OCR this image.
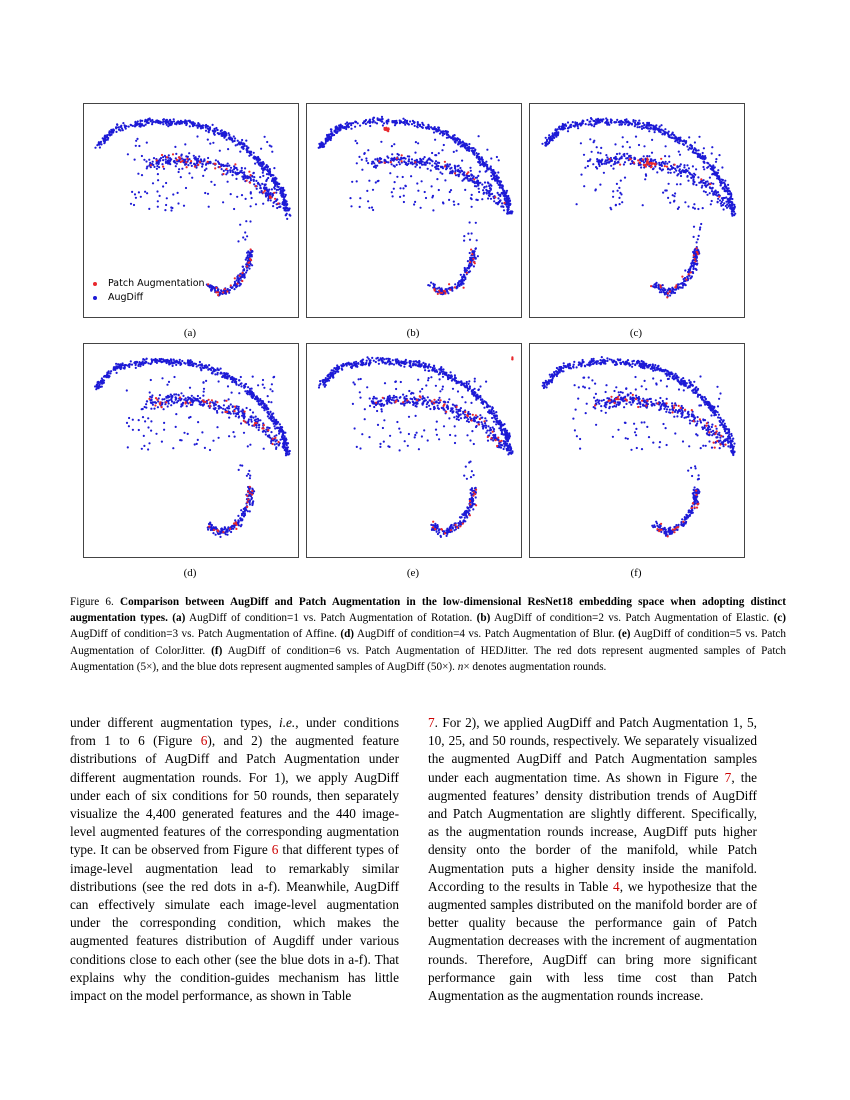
Patch Augmentation
AugDiff
(a)	(b)	(c)
(d)	(e)	(f)
Figure 6. Comparison between AugDiff and Patch Augmentation in the low-dimensional ResNet18 embedding space when adopting distinct augmentation types. (a) AugDiff of condition=1 vs. Patch Augmentation of Rotation. (b) AugDiff of condition=2 vs. Patch Augmentation of Elastic. (c) AugDiff of condition=3 vs. Patch Augmentation of Affine. (d) AugDiff of condition=4 vs. Patch Augmentation of Blur. (e) AugDiff of condition=5 vs. Patch Augmentation of ColorJitter. (f) AugDiff of condition=6 vs. Patch Augmentation of HEDJitter. The red dots represent augmented samples of Patch Augmentation (5×), and the blue dots represent augmented samples of AugDiff (50×). n× denotes augmentation rounds.
under different augmentation types, i.e., under conditions from 1 to 6 (Figure 6), and 2) the augmented feature distributions of AugDiff and Patch Augmentation under different augmentation rounds. For 1), we apply AugDiff under each of six conditions for 50 rounds, then separately visualize the 4,400 generated features and the 440 image-level augmented features of the corresponding augmentation type. It can be observed from Figure 6 that different types of image-level augmentation lead to remarkably similar distributions (see the red dots in a-f). Meanwhile, AugDiff can effectively simulate each image-level augmentation under the corresponding condition, which makes the augmented features distribution of Augdiff under various conditions close to each other (see the blue dots in a-f). That explains why the condition-guides mechanism has little impact on the model performance, as shown in Table
7. For 2), we applied AugDiff and Patch Augmentation 1, 5, 10, 25, and 50 rounds, respectively. We separately visualized the augmented AugDiff and Patch Augmentation samples under each augmentation time. As shown in Figure 7, the augmented features’ density distribution trends of AugDiff and Patch Augmentation are slightly different. Specifically, as the augmentation rounds increase, AugDiff puts higher density onto the border of the manifold, while Patch Augmentation puts a higher density inside the manifold. According to the results in Table 4, we hypothesize that the augmented samples distributed on the manifold border are of better quality because the performance gain of Patch Augmentation decreases with the increment of augmentation rounds. Therefore, AugDiff can bring more significant performance gain with less time cost than Patch Augmentation as the augmentation rounds increase.
